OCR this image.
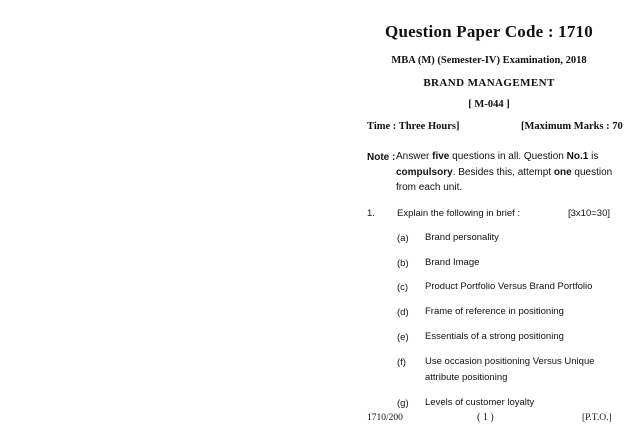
Question Paper Code : 1710
MBA (M) (Semester-IV) Examination, 2018
BRAND MANAGEMENT
[ M-044 ]
Time : Three Hours]	[Maximum Marks : 70
Note : Answer five questions in all. Question No.1 is compulsory. Besides this, attempt one question from each unit.
1. Explain the following in brief :	[3x10=30]
(a) Brand personality
(b) Brand Image
(c) Product Portfolio Versus Brand Portfolio
(d) Frame of reference in positioning
(e) Essentials of a strong positioning
(f) Use occasion positioning Versus Unique attribute positioning
(g) Levels of customer loyalty
1710/200	( 1 )	[P.T.O.]
